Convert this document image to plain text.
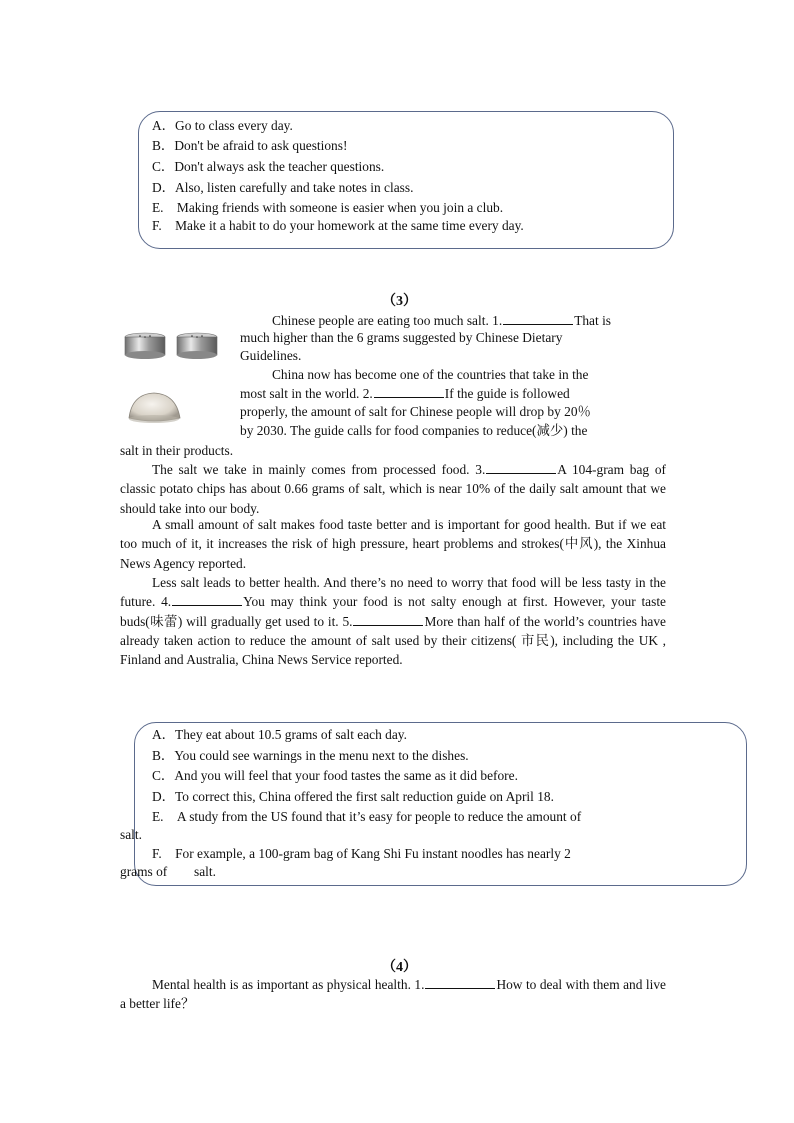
A．Go to class every day.
B．Don't be afraid to ask questions!
C．Don't always ask the teacher questions.
D．Also, listen carefully and take notes in class.
E.　Making friends with someone is easier when you join a club.
F.　Make it a habit to do your homework at the same time every day.
（3）
Chinese people are eating too much salt. 1.	That is
much higher than the 6 grams suggested by Chinese Dietary
Guidelines.
China now has become one of the countries that take in the
most salt in the world. 2.	If the guide is followed
properly, the amount of salt for Chinese people will drop by 20％
by 2030. The guide calls for food companies to reduce(减少) the
salt in their products.
The salt we take in mainly comes from processed food. 3.	A 104-gram bag of classic potato chips has about 0.66 grams of salt, which is near 10% of the daily salt amount that we should take into our body.
A small amount of salt makes food taste better and is important for good health. But if we eat too much of it, it increases the risk of high pressure, heart problems and strokes(中风), the Xinhua News Agency reported.
Less salt leads to better health. And there’s no need to worry that food will be less tasty in the future. 4.	You may think your food is not salty enough at first. However, your taste buds(味蕾) will gradually get used to it. 5.	More than half of the world’s countries have already taken action to reduce the amount of salt used by their citizens( 市民), including the UK , Finland and Australia, China News Service reported.
A．They eat about 10.5 grams of salt each day.
B．You could see warnings in the menu next to the dishes.
C．And you will feel that your food tastes the same as it did before.
D．To correct this, China offered the first salt reduction guide on April 18.
E.　A study from the US found that it’s easy for people to reduce the amount of
salt.
F.　For example, a 100-gram bag of Kang Shi Fu instant noodles has nearly 2
grams of　　salt.
（4）
Mental health is as important as physical health. 1.	How to deal with them and live a better life？
